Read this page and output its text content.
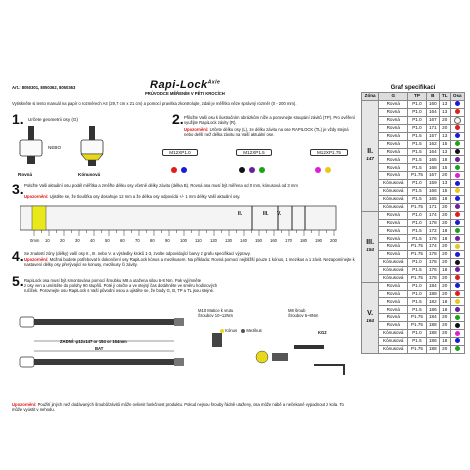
Art.: 8050301, 8050362, 8050363	Rapi-Lock$^{Axle}$
PRŮVODCE MĚŘENÍM V PĚTI KROCÍCH
Vytiskněte si tento manuál na papír o rozměrech A4 (29,7 cm x 21 cm) a pomocí pravítka zkontrolujte, zdali je měřítko něze správný rozměr (0 - 200 mm).
1. Určete geometrii osy (G)
NEBO
Rovná	Kónusová
2. Přiložte Vaši osu k ilustračním obrázkům níže a porovnejte stoupání závitů (TP). Pro ověření využijte RapiLock závity (R).
Upozornění: Určete délku osy (L), ze délku závitu na ose RAPILOCK (TL) je vždy stejná nebo delší než délka závitu na Vaší aktuální ose.
M12XP1.0	M12XP1.5	M12XP1.75
3. Položte Vaši aktuální osu podél měřítka a změřte délku osy včetně délky závitu (délka B). Rovná osa musí být měřena od 0 mm, kónusová od 3 mm
Upozornění: Ujistěte se, že tloušťka osy dosahuje 12 mm a že délka osy odpovídá +/- 1 mm délky Vaší aktuální osy.
II.	III. V.
0mm 10 20 30 40 50 60 70 80 90 100 110 120 130 140 150 160 170 180 190 200
4. Se znalostí zóny (délky) vaší osy II., III. nebo V. a výsledky kroků 1-3, zvolte odpovídající barvy z grafu specifikací výpravy.
Upozornění: Možná budete potřebovat k dokončení osy RapiLock kónus a mezikusem. Na příkladu: Rovná pomocí nejbližší pouze 1 kónus, 1 mezikus a 1 závit. Nezapomínejte k nastavení délky osy přerývající se konusy, mezikusy či závity.
5. RapiLock osa musí být smontována pomocí šroubku M8 a utažena silou 6-8 Nm. Pak vyjímněte
z osy ven a umístěte do polohy 90 stupňů. Poté ji otočte a ve stejný čas dotáhněte ve směru hodinových
ručiček. Porovnejte osu RapiLock s Vaší původní osou a ujistěte se, že body G, B, TP a TL jsou stejné.
ZADNÍ: φ12x147 or 154 or 164mm
BAT
M10 Matice k vrutu
Šroubov 10~12Nm
M8 šroub
Šroubov 6~8Nm
Kónus Mezikus	KG2
Upozornění: Použití jiných než dodávaných šroubů/závitů může ovlivnit funkčnost produktu. Pokud nejsou šrouby řádně utaženy, osa může nábě a nečekaně vypadnout z kola. To může vyústit v nehodu.
Graf specifikací
Zóna	G	TP	B	TL	Osa

II.
147	Rovná	P1.0	160	13	
	Rovná	P1.0	164	13	
	Rovná	P1.0	167	20	
	Rovná	P1.0	171	20	
	Rovná	P1.5	157	13	
	Rovná	P1.5	162	15	
	Rovná	P1.5	164	13	
	Rovná	P1.5	165	18	
	Rovná	P1.5	168	15	
	Rovná	P1.75	167	20	
	Kónusová	P1.0	159	13	
	Kónusová	P1.5	166	15	
	Kónusová	P1.5	165	18	
	Kónusová	P1.75	171	20	

III.
154	Rovná	P1.0	174	20	
	Rovná	P1.0	178	20	
	Rovná	P1.5	172	18	
	Rovná	P1.5	176	18	
	Rovná	P1.75	174	20	
	Rovná	P1.75	178	20	
	Kónusová	P1.0	178	20	
	Kónusová	P1.5	176	18	
	Kónusová	P1.75	178	20	

V.
164	Rovná	P1.0	184	20	
	Rovná	P1.0	188	20	
	Rovná	P1.5	182	18	
	Rovná	P1.5	186	18	
	Rovná	P1.75	184	20	
	Rovná	P1.75	188	20	
	Kónusová	P1.0	188	20	
	Kónusová	P1.5	186	18	
	Kónusová	P1.75	188	20	
